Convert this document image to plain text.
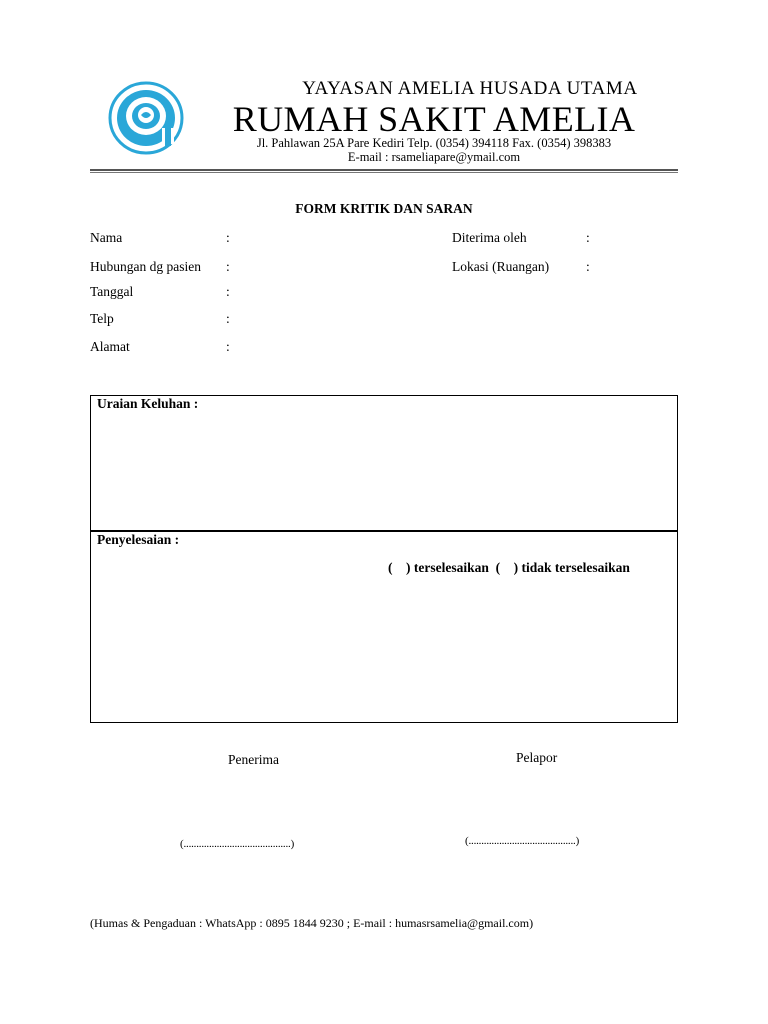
YAYASAN AMELIA HUSADA UTAMA
RUMAH SAKIT AMELIA
Jl. Pahlawan 25A Pare Kediri Telp. (0354) 394118 Fax. (0354) 398383
E-mail : rsameliapare@ymail.com
FORM KRITIK DAN SARAN
Nama	:
Hubungan dg pasien :
Tanggal	:
Telp	:
Alamat	:
Diterima oleh	:
Lokasi (Ruangan)	:
Uraian Keluhan :
Penyelesaian :
(    ) terselesaikan  (    ) tidak terselesaikan
Penerima	Pelapor
(..........................................)	(..........................................)
(Humas & Pengaduan : WhatsApp : 0895 1844 9230 ; E-mail : humasrsamelia@gmail.com)
